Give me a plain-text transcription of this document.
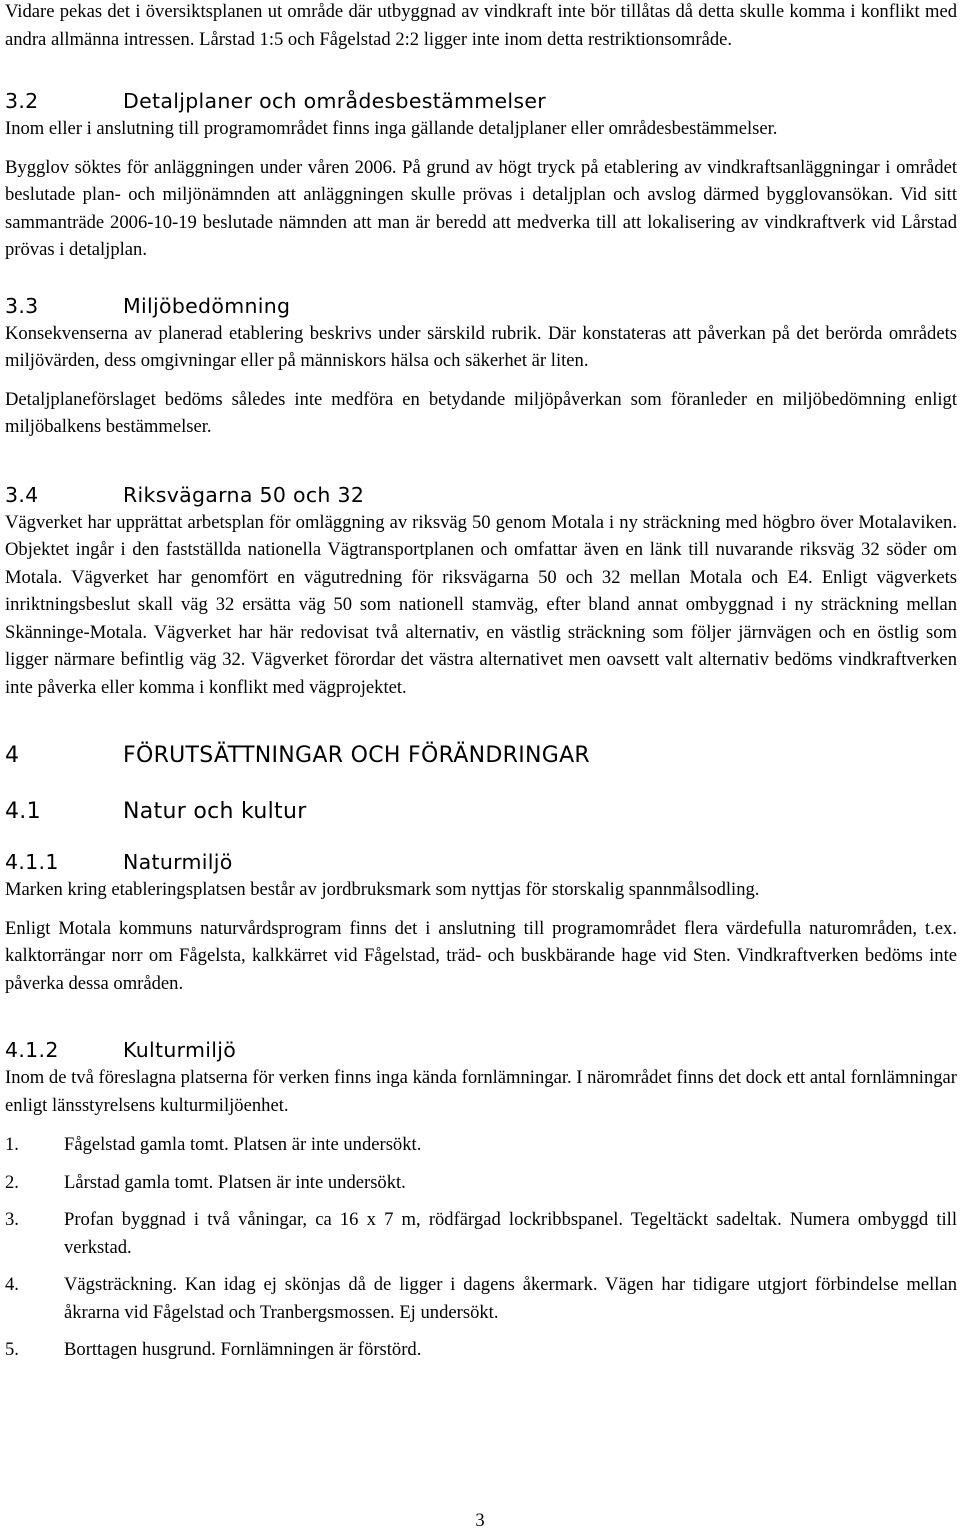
Vidare pekas det i översiktsplanen ut område där utbyggnad av vindkraft inte bör tillåtas då detta skulle komma i konflikt med andra allmänna intressen. Lårstad 1:5 och Fågelstad 2:2 ligger inte inom detta restriktionsområde.

3.2	Detaljplaner och områdesbestämmelser

Inom eller i anslutning till programområdet finns inga gällande detaljplaner eller områdesbestämmelser.

Bygglov söktes för anläggningen under våren 2006. På grund av högt tryck på etablering av vindkraftsanläggningar i området beslutade plan- och miljönämnden att anläggningen skulle prövas i detaljplan och avslog därmed bygglovansökan. Vid sitt sammanträde 2006-10-19 beslutade nämnden att man är beredd att medverka till att lokalisering av vindkraftverk vid Lårstad prövas i detaljplan.

3.3	Miljöbedömning

Konsekvenserna av planerad etablering beskrivs under särskild rubrik. Där konstateras att påverkan på det berörda områdets miljövärden, dess omgivningar eller på människors hälsa och säkerhet är liten.

Detaljplaneförslaget bedöms således inte medföra en betydande miljöpåverkan som föranleder en miljöbedömning enligt miljöbalkens bestämmelser.

3.4	Riksvägarna 50 och 32

Vägverket har upprättat arbetsplan för omläggning av riksväg 50 genom Motala i ny sträckning med högbro över Motalaviken. Objektet ingår i den fastställda nationella Vägtransportplanen och omfattar även en länk till nuvarande riksväg 32 söder om Motala. Vägverket har genomfört en vägutredning för riksvägarna 50 och 32 mellan Motala och E4. Enligt vägverkets inriktningsbeslut skall väg 32 ersätta väg 50 som nationell stamväg, efter bland annat ombyggnad i ny sträckning mellan Skänninge-Motala. Vägverket har här redovisat två alternativ, en västlig sträckning som följer järnvägen och en östlig som ligger närmare befintlig väg 32. Vägverket förordar det västra alternativet men oavsett valt alternativ bedöms vindkraftverken inte påverka eller komma i konflikt med vägprojektet.

4	FÖRUTSÄTTNINGAR OCH FÖRÄNDRINGAR
4.1	Natur och kultur
4.1.1	Naturmiljö

Marken kring etableringsplatsen består av jordbruksmark som nyttjas för storskalig spannmålsodling.

Enligt Motala kommuns naturvårdsprogram finns det i anslutning till programområdet flera värdefulla naturområden, t.ex. kalktorrängar norr om Fågelsta, kalkkärret vid Fågelstad, träd- och buskbärande hage vid Sten. Vindkraftverken bedöms inte påverka dessa områden.

4.1.2	Kulturmiljö

Inom de två föreslagna platserna för verken finns inga kända fornlämningar. I närområdet finns det dock ett antal fornlämningar enligt länsstyrelsens kulturmiljöenhet.

1. Fågelstad gamla tomt. Platsen är inte undersökt.
2. Lårstad gamla tomt. Platsen är inte undersökt.
3. Profan byggnad i två våningar, ca 16 x 7 m, rödfärgad lockribbspanel. Tegeltäckt sadeltak. Numera ombyggd till verkstad.
4. Vägsträckning. Kan idag ej skönjas då de ligger i dagens åkermark. Vägen har tidigare utgjort förbindelse mellan åkrarna vid Fågelstad och Tranbergsmossen. Ej undersökt.
5. Borttagen husgrund. Fornlämningen är förstörd.
3
